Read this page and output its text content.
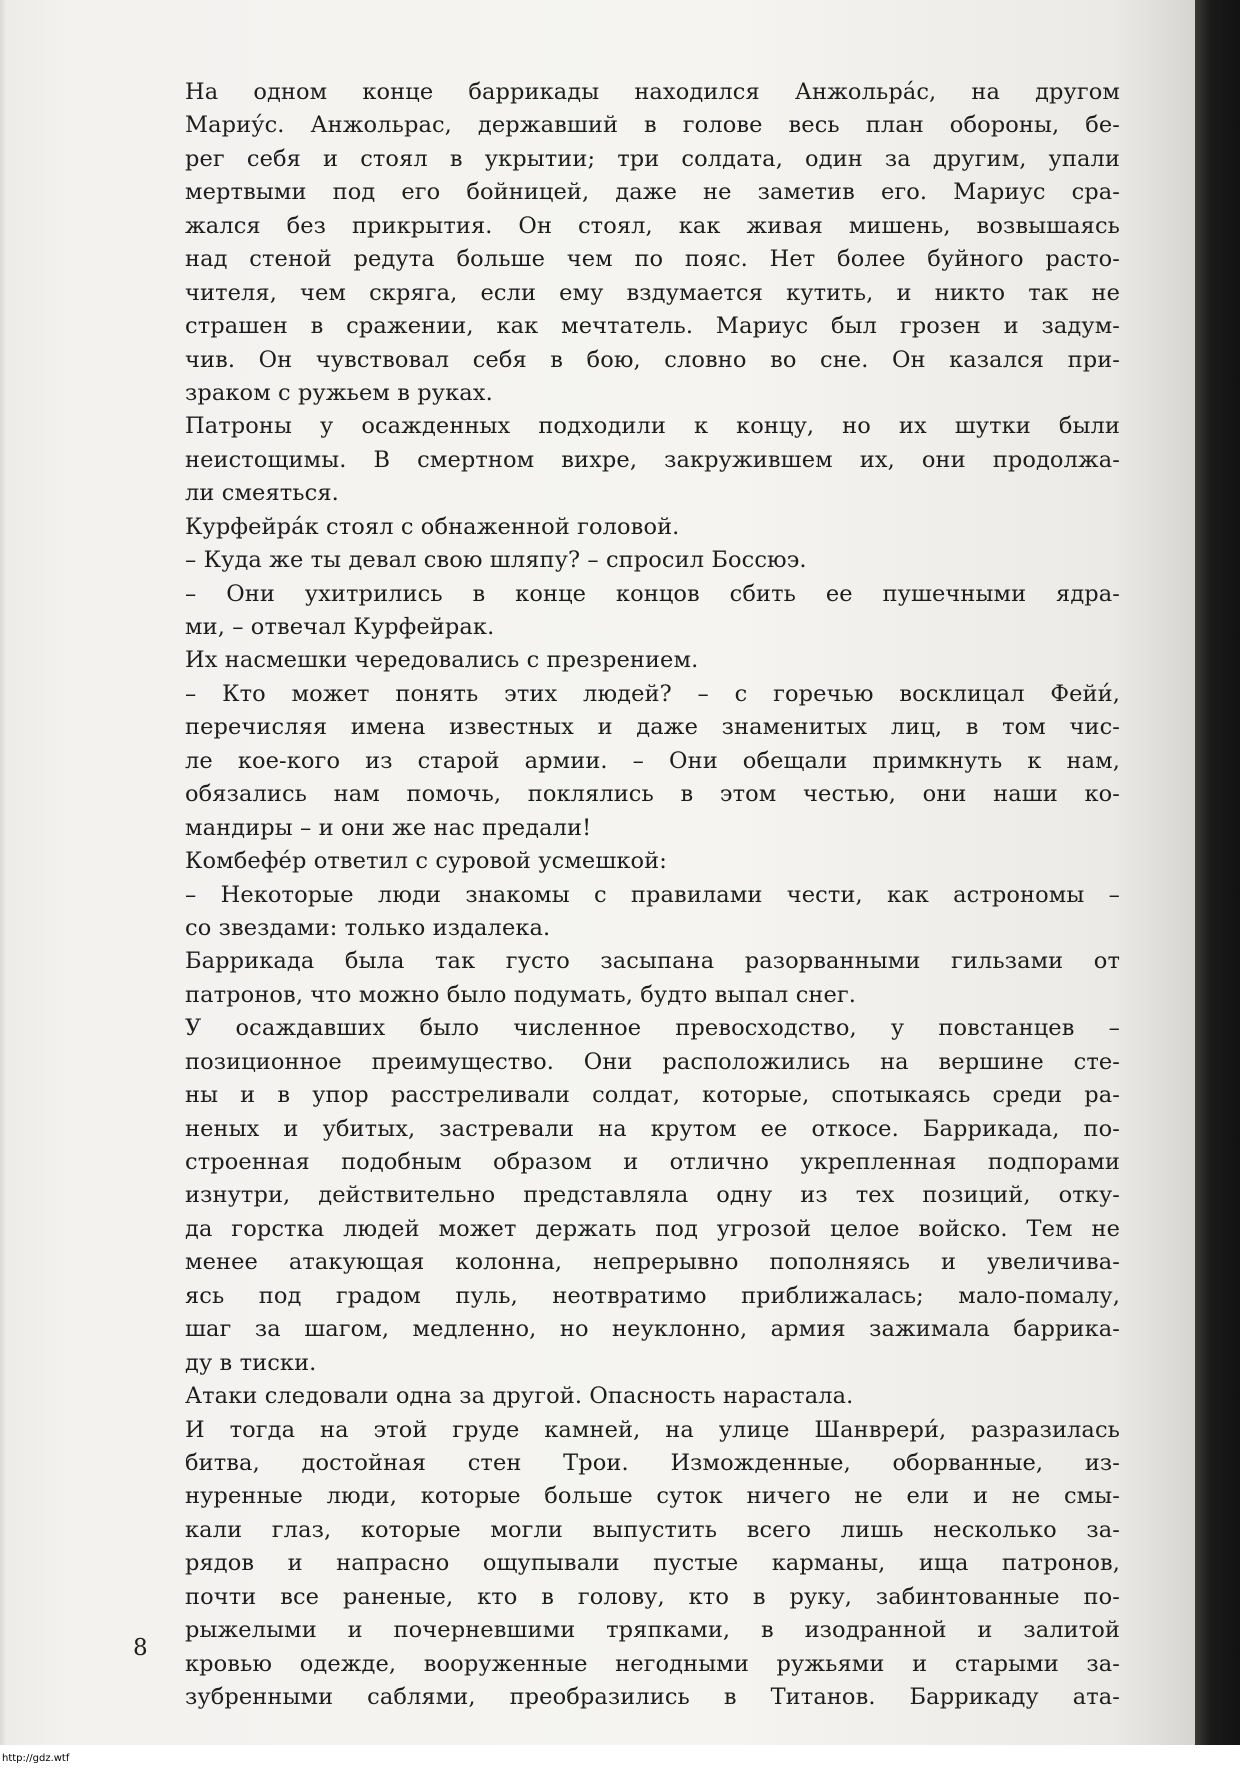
На одном конце баррикады находился Анжольра́с, на другом
Мариу́с. Анжольрас, державший в голове весь план обороны, бе-
рег себя и стоял в укрытии; три солдата, один за другим, упали
мертвыми под его бойницей, даже не заметив его. Мариус сра-
жался без прикрытия. Он стоял, как живая мишень, возвышаясь
над стеной редута больше чем по пояс. Нет более буйного расто-
чителя, чем скряга, если ему вздумается кутить, и никто так не
страшен в сражении, как мечтатель. Мариус был грозен и задум-
чив. Он чувствовал себя в бою, словно во сне. Он казался при-
зраком с ружьем в руках.
Патроны у осажденных подходили к концу, но их шутки были
неистощимы. В смертном вихре, закружившем их, они продолжа-
ли смеяться.
Курфейра́к стоял с обнаженной головой.
– Куда же ты девал свою шляпу? – спросил Боссюэ.
– Они ухитрились в конце концов сбить ее пушечными ядра-
ми, – отвечал Курфейрак.
Их насмешки чередовались с презрением.
– Кто может понять этих людей? – с горечью восклицал Фейи́,
перечисляя имена известных и даже знаменитых лиц, в том чис-
ле кое-кого из старой армии. – Они обещали примкнуть к нам,
обязались нам помочь, поклялись в этом честью, они наши ко-
мандиры – и они же нас предали!
Комбефе́р ответил с суровой усмешкой:
– Некоторые люди знакомы с правилами чести, как астрономы –
со звездами: только издалека.
Баррикада была так густо засыпана разорванными гильзами от
патронов, что можно было подумать, будто выпал снег.
У осаждавших было численное превосходство, у повстанцев –
позиционное преимущество. Они расположились на вершине сте-
ны и в упор расстреливали солдат, которые, спотыкаясь среди ра-
неных и убитых, застревали на крутом ее откосе. Баррикада, по-
строенная подобным образом и отлично укрепленная подпорами
изнутри, действительно представляла одну из тех позиций, отку-
да горстка людей может держать под угрозой целое войско. Тем не
менее атакующая колонна, непрерывно пополняясь и увеличива-
ясь под градом пуль, неотвратимо приближалась; мало-помалу,
шаг за шагом, медленно, но неуклонно, армия зажимала баррика-
ду в тиски.
Атаки следовали одна за другой. Опасность нарастала.
И тогда на этой груде камней, на улице Шанврери́, разразилась
битва, достойная стен Трои. Изможденные, оборванные, из-
нуренные люди, которые больше суток ничего не ели и не смы-
кали глаз, которые могли выпустить всего лишь несколько за-
рядов и напрасно ощупывали пустые карманы, ища патронов,
почти все раненые, кто в голову, кто в руку, забинтованные по-
рыжелыми и почерневшими тряпками, в изодранной и залитой
кровью одежде, вооруженные негодными ружьями и старыми за-
зубренными саблями, преобразились в Титанов. Баррикаду ата-
8
http://gdz.wtf
